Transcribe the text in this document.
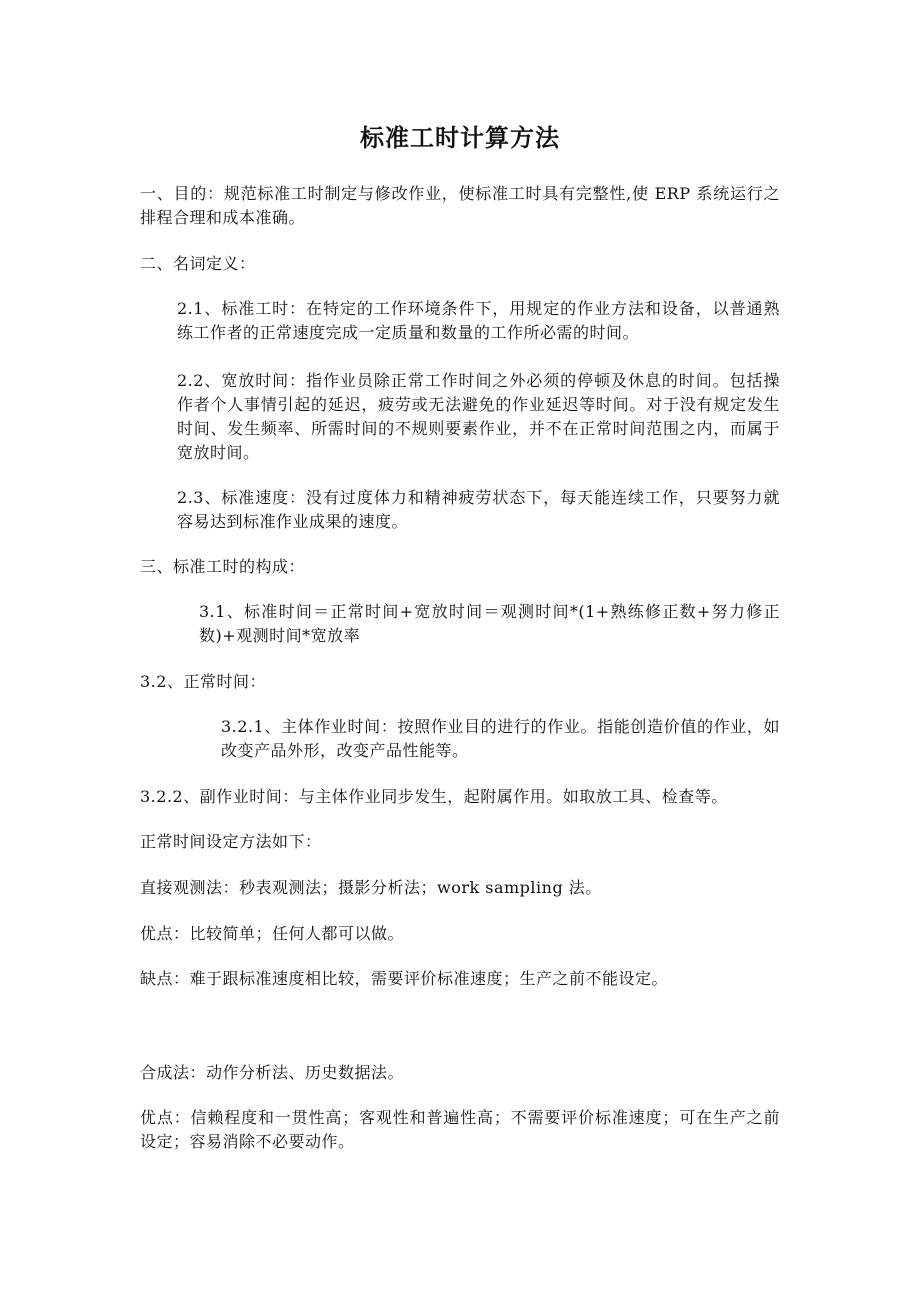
标准工时计算方法
一、目的：规范标准工时制定与修改作业，使标准工时具有完整性,使 ERP 系统运行之排程合理和成本准确。
二、名词定义：
2.1、标准工时：在特定的工作环境条件下，用规定的作业方法和设备，以普通熟练工作者的正常速度完成一定质量和数量的工作所必需的时间。
2.2、宽放时间：指作业员除正常工作时间之外必须的停顿及休息的时间。包括操作者个人事情引起的延迟，疲劳或无法避免的作业延迟等时间。对于没有规定发生时间、发生频率、所需时间的不规则要素作业，并不在正常时间范围之内，而属于宽放时间。
2.3、标准速度：没有过度体力和精神疲劳状态下，每天能连续工作，只要努力就容易达到标准作业成果的速度。
三、标准工时的构成：
3.1、标准时间＝正常时间+宽放时间＝观测时间*(1+熟练修正数+努力修正数)+观测时间*宽放率
3.2、正常时间：
3.2.1、主体作业时间：按照作业目的进行的作业。指能创造价值的作业，如改变产品外形，改变产品性能等。
3.2.2、副作业时间：与主体作业同步发生，起附属作用。如取放工具、检查等。
正常时间设定方法如下：
直接观测法：秒表观测法；摄影分析法；work sampling 法。
优点：比较简单；任何人都可以做。
缺点：难于跟标准速度相比较，需要评价标准速度；生产之前不能设定。
合成法：动作分析法、历史数据法。
优点：信赖程度和一贯性高；客观性和普遍性高；不需要评价标准速度；可在生产之前设定；容易消除不必要动作。
